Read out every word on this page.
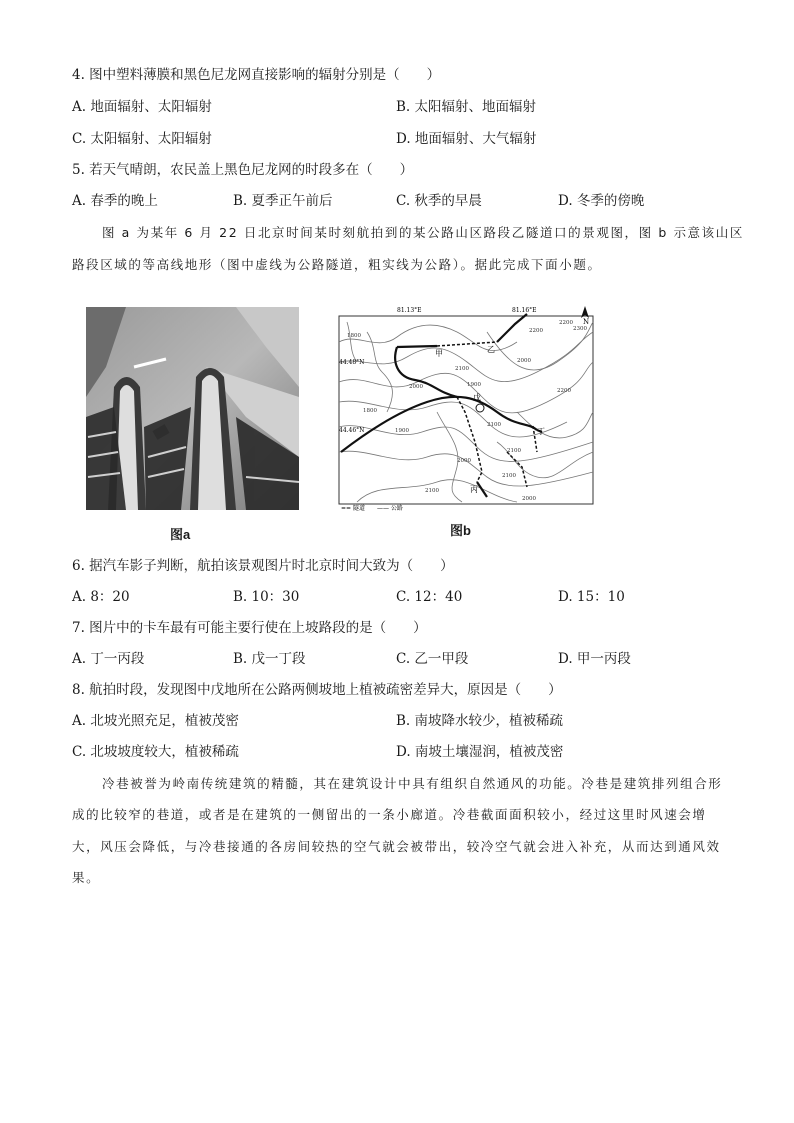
4. 图中塑料薄膜和黑色尼龙网直接影响的辐射分别是（　　）
A. 地面辐射、太阳辐射	B. 太阳辐射、地面辐射
C. 太阳辐射、太阳辐射	D. 地面辐射、大气辐射
5. 若天气晴朗，农民盖上黑色尼龙网的时段多在（　　）
A. 春季的晚上	B. 夏季正午前后	C. 秋季的早晨	D. 冬季的傍晚
图 a 为某年 6 月 22 日北京时间某时刻航拍到的某公路山区路段乙隧道口的景观图，图 b 示意该山区
路段区域的等高线地形（图中虚线为公路隧道，粗实线为公路）。据此完成下面小题。
图a
N
81.13°E	81.16°E
44.48°N
44.46°N
甲	乙
丙
丁
戊
2200
2200
2100
2100
2000
2000
1900
1900
1800
1800
2100
2000
2100
2000
2300
2200
2100
== 隧道 —— 公路
图b
6. 据汽车影子判断，航拍该景观图片时北京时间大致为（　　）
A. 8：20	B. 10：30	C. 12：40	D. 15：10
7. 图片中的卡车最有可能主要行使在上坡路段的是（　　）
A. 丁一丙段	B. 戊一丁段	C. 乙一甲段	D. 甲一丙段
8. 航拍时段，发现图中戊地所在公路两侧坡地上植被疏密差异大，原因是（　　）
A. 北坡光照充足，植被茂密	B. 南坡降水较少，植被稀疏
C. 北坡坡度较大，植被稀疏	D. 南坡土壤湿润，植被茂密
冷巷被誉为岭南传统建筑的精髓，其在建筑设计中具有组织自然通风的功能。冷巷是建筑排列组合形
成的比较窄的巷道，或者是在建筑的一侧留出的一条小廊道。冷巷截面面积较小，经过这里时风速会增
大，风压会降低，与冷巷接通的各房间较热的空气就会被带出，较冷空气就会进入补充，从而达到通风效
果。
